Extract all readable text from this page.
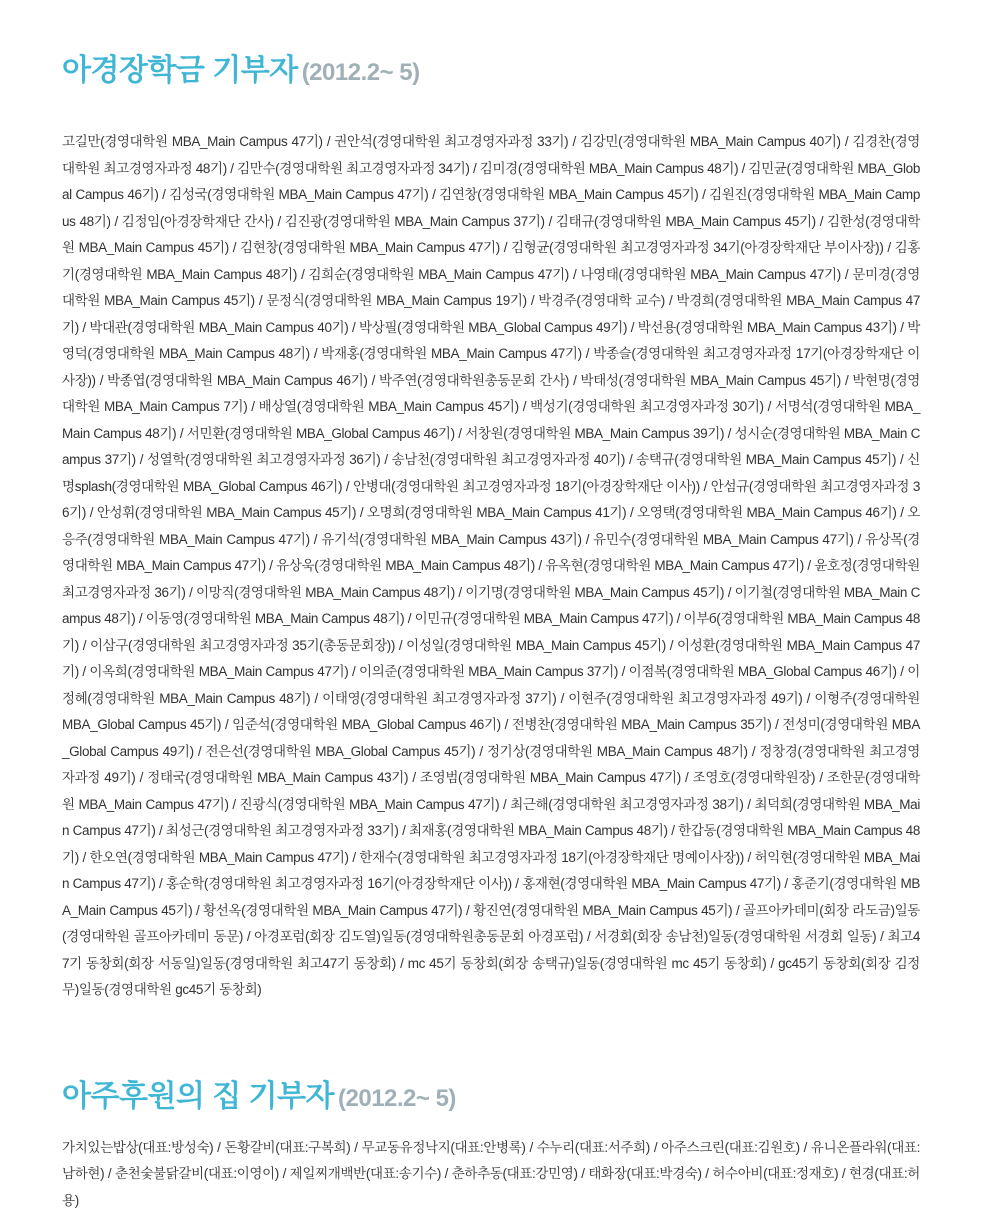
아경장학금 기부자 (2012.2~ 5)

고길만(경영대학원 MBA_Main Campus 47기) / 권안석(경영대학원 최고경영자과정 33기) / 김강민(경영대학원 MBA_Main Campus 40기) / 김경찬(경영대학원 최고경영자과정 48기) / 김만수(경영대학원 최고경영자과정 34기) / 김미경(경영대학원 MBA_Main Campus 48기) / 김민균(경영대학원 MBA_Global Campus 46기) / 김성국(경영대학원 MBA_Main Campus 47기) / 김연창(경영대학원 MBA_Main Campus 45기) / 김원진(경영대학원 MBA_Main Campus 48기) / 김정임(아경장학재단 간사) / 김진광(경영대학원 MBA_Main Campus 37기) / 김태규(경영대학원 MBA_Main Campus 45기) / 김한성(경영대학원 MBA_Main Campus 45기) / 김현창(경영대학원 MBA_Main Campus 47기) / 김형균(경영대학원 최고경영자과정 34기(아경장학재단 부이사장)) / 김홍기(경영대학원 MBA_Main Campus 48기) / 김희순(경영대학원 MBA_Main Campus 47기) / 나영태(경영대학원 MBA_Main Campus 47기) / 문미경(경영대학원 MBA_Main Campus 45기) / 문정식(경영대학원 MBA_Main Campus 19기) / 박경주(경영대학 교수) / 박경희(경영대학원 MBA_Main Campus 47기) / 박대관(경영대학원 MBA_Main Campus 40기) / 박상필(경영대학원 MBA_Global Campus 49기) / 박선용(경영대학원 MBA_Main Campus 43기) / 박영덕(경영대학원 MBA_Main Campus 48기) / 박재홍(경영대학원 MBA_Main Campus 47기) / 박종슬(경영대학원 최고경영자과정 17기(아경장학재단 이사장)) / 박종엽(경영대학원 MBA_Main Campus 46기) / 박주연(경영대학원총동문회 간사) / 박태성(경영대학원 MBA_Main Campus 45기) / 박현명(경영대학원 MBA_Main Campus 7기) / 배상열(경영대학원 MBA_Main Campus 45기) / 백성기(경영대학원 최고경영자과정 30기) / 서명석(경영대학원 MBA_Main Campus 48기) / 서민환(경영대학원 MBA_Global Campus 46기) / 서창원(경영대학원 MBA_Main Campus 39기) / 성시순(경영대학원 MBA_Main Campus 37기) / 성열학(경영대학원 최고경영자과정 36기) / 송남천(경영대학원 최고경영자과정 40기) / 송택규(경영대학원 MBA_Main Campus 45기) / 신명splash(경영대학원 MBA_Global Campus 46기) / 안병대(경영대학원 최고경영자과정 18기(아경장학재단 이사)) / 안섬규(경영대학원 최고경영자과정 36기) / 안성휘(경영대학원 MBA_Main Campus 45기) / 오명희(경영대학원 MBA_Main Campus 41기) / 오영택(경영대학원 MBA_Main Campus 46기) / 오응주(경영대학원 MBA_Main Campus 47기) / 유기석(경영대학원 MBA_Main Campus 43기) / 유민수(경영대학원 MBA_Main Campus 47기) / 유상목(경영대학원 MBA_Main Campus 47기) / 유상욱(경영대학원 MBA_Main Campus 48기) / 유옥현(경영대학원 MBA_Main Campus 47기) / 윤호정(경영대학원 최고경영자과정 36기) / 이망직(경영대학원 MBA_Main Campus 48기) / 이기명(경영대학원 MBA_Main Campus 45기) / 이기철(경영대학원 MBA_Main Campus 48기) / 이동영(경영대학원 MBA_Main Campus 48기) / 이민규(경영대학원 MBA_Main Campus 47기) / 이부б(경영대학원 MBA_Main Campus 48기) / 이삼구(경영대학원 최고경영자과정 35기(총동문회장)) / 이성일(경영대학원 MBA_Main Campus 45기) / 이성환(경영대학원 MBA_Main Campus 47기) / 이옥희(경영대학원 MBA_Main Campus 47기) / 이의준(경영대학원 MBA_Main Campus 37기) / 이점복(경영대학원 MBA_Global Campus 46기) / 이정혜(경영대학원 MBA_Main Campus 48기) / 이태영(경영대학원 최고경영자과정 37기) / 이현주(경영대학원 최고경영자과정 49기) / 이형주(경영대학원 MBA_Global Campus 45기) / 임준석(경영대학원 MBA_Global Campus 46기) / 전병찬(경영대학원 MBA_Main Campus 35기) / 전성미(경영대학원 MBA_Global Campus 49기) / 전은선(경영대학원 MBA_Global Campus 45기) / 정기상(경영대학원 MBA_Main Campus 48기) / 정창경(경영대학원 최고경영자과정 49기) / 정태국(경영대학원 MBA_Main Campus 43기) / 조영범(경영대학원 MBA_Main Campus 47기) / 조영호(경영대학원장) / 조한문(경영대학원 MBA_Main Campus 47기) / 진광식(경영대학원 MBA_Main Campus 47기) / 최근해(경영대학원 최고경영자과정 38기) / 최덕희(경영대학원 MBA_Main Campus 47기) / 최성근(경영대학원 최고경영자과정 33기) / 최재홍(경영대학원 MBA_Main Campus 48기) / 한갑동(경영대학원 MBA_Main Campus 48기) / 한오연(경영대학원 MBA_Main Campus 47기) / 한재수(경영대학원 최고경영자과정 18기(아경장학재단 명예이사장)) / 허익현(경영대학원 MBA_Main Campus 47기) / 홍순학(경영대학원 최고경영자과정 16기(아경장학재단 이사)) / 홍재현(경영대학원 MBA_Main Campus 47기) / 홍준기(경영대학원 MBA_Main Campus 45기) / 황선옥(경영대학원 MBA_Main Campus 47기) / 황진연(경영대학원 MBA_Main Campus 45기) / 골프아카데미(회장 라도금)일동(경영대학원 골프아카데미 동문) / 아경포럼(회장 김도열)일동(경영대학원총동문회 아경포럼) / 서경회(회장 송남천)일동(경영대학원 서경회 일동) / 최고47기 동창회(회장 서동일)일동(경영대학원 최고47기 동창회) / mc 45기 동창회(회장 송택규)일동(경영대학원 mc 45기 동창회) / gc45기 동창회(회장 김정무)일동(경영대학원 gc45기 동창회)

아주후원의 집 기부자 (2012.2~ 5)

가치있는밥상(대표:방성숙) / 돈황갈비(대표:구복희) / 무교동유정낙지(대표:안병록) / 수누리(대표:서주희) / 아주스크린(대표:김원호) / 유니온플라워(대표:남하현) / 춘천숯불닭갈비(대표:이영이) / 제일찌개백반(대표:송기수) / 춘하추동(대표:강민영) / 태화장(대표:박경숙) / 허수아비(대표:정재호) / 현경(대표:허용)
